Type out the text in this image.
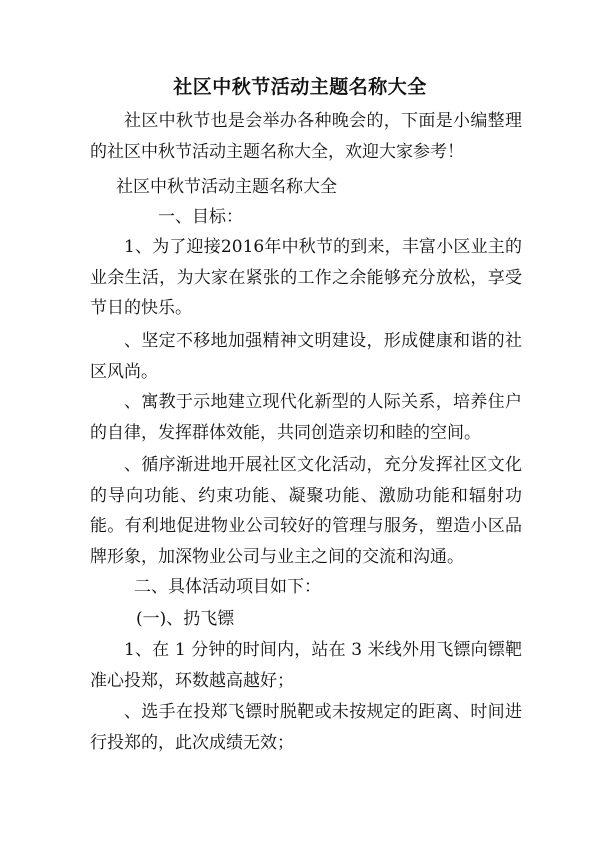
社区中秋节活动主题名称大全

社区中秋节也是会举办各种晚会的，下面是小编整理的社区中秋节活动主题名称大全，欢迎大家参考！

社区中秋节活动主题名称大全

一、目标：

1、为了迎接2016年中秋节的到来，丰富小区业主的业余生活，为大家在紧张的工作之余能够充分放松，享受节日的快乐。

、坚定不移地加强精神文明建设，形成健康和谐的社区风尚。

、寓教于示地建立现代化新型的人际关系，培养住户的自律，发挥群体效能，共同创造亲切和睦的空间。

、循序渐进地开展社区文化活动，充分发挥社区文化的导向功能、约束功能、凝聚功能、激励功能和辐射功能。有利地促进物业公司较好的管理与服务，塑造小区品牌形象，加深物业公司与业主之间的交流和沟通。

二、具体活动项目如下：

(一)、扔飞镖

1、在 1 分钟的时间内，站在 3 米线外用飞镖向镖靶准心投郑，环数越高越好；

、选手在投郑飞镖时脱靶或未按规定的距离、时间进行投郑的，此次成绩无效；
